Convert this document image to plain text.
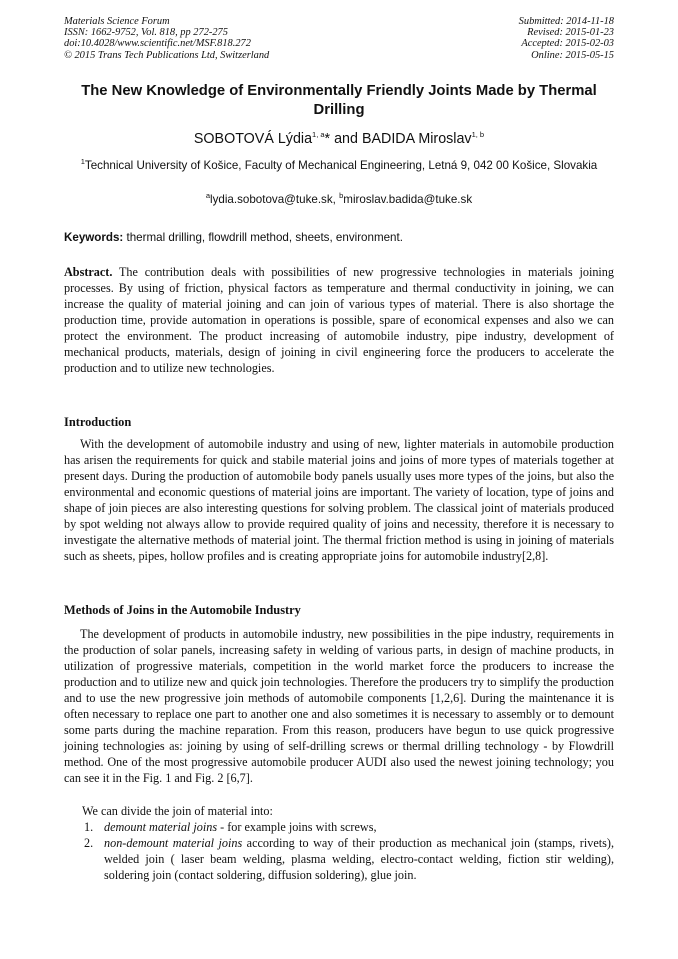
Materials Science Forum
ISSN: 1662-9752, Vol. 818, pp 272-275
doi:10.4028/www.scientific.net/MSF.818.272
© 2015 Trans Tech Publications Ltd, Switzerland
Submitted: 2014-11-18
Revised: 2015-01-23
Accepted: 2015-02-03
Online: 2015-05-15
The New Knowledge of Environmentally Friendly Joints Made by Thermal Drilling
SOBOTOVÁ Lýdia$^{1, a}$* and BADIDA Miroslav$^{1, b}$
$^1$Technical University of Košice, Faculty of Mechanical Engineering, Letná 9, 042 00 Košice, Slovakia
$^a$lydia.sobotova@tuke.sk, $^b$miroslav.badida@tuke.sk
Keywords: thermal drilling, flowdrill method, sheets, environment.
Abstract. The contribution deals with possibilities of new progressive technologies in materials joining processes. By using of friction, physical factors as temperature and thermal conductivity in joining, we can increase the quality of material joining and can join of various types of material. There is also shortage the production time, provide automation in operations is possible, spare of economical expenses and also we can protect the environment. The product increasing of automobile industry, pipe industry, development of mechanical products, materials, design of joining in civil engineering force the producers to accelerate the production and to utilize new technologies.
Introduction
With the development of automobile industry and using of new, lighter materials in automobile production has arisen the requirements for quick and stabile material joins and joins of more types of materials together at present days. During the production of automobile body panels usually uses more types of the joins, but also the environmental and economic questions of material joins are important. The variety of location, type of joins and shape of join pieces are also interesting questions for solving problem. The classical joint of materials produced by spot welding not always allow to provide required quality of joins and necessity, therefore it is necessary to investigate the alternative methods of material joint. The thermal friction method is using in joining of materials such as sheets, pipes, hollow profiles and is creating appropriate joins for automobile industry[2,8].
Methods of Joins in the Automobile Industry
The development of products in automobile industry, new possibilities in the pipe industry, requirements in the production of solar panels, increasing safety in welding of various parts, in design of machine products, in utilization of progressive materials, competition in the world market force the producers to increase the production and to utilize new and quick join technologies. Therefore the producers try to simplify the production and to use the new progressive join methods of automobile components [1,2,6]. During the maintenance it is often necessary to replace one part to another one and also sometimes it is necessary to assembly or to demount some parts during the machine reparation. From this reason, producers have begun to use quick progressive joining technologies as: joining by using of self-drilling screws or thermal drilling technology - by Flowdrill method. One of the most progressive automobile producer AUDI also used the newest joining technology; you can see it in the Fig. 1 and Fig. 2 [6,7].
We can divide the join of material into:
1. demount material joins - for example joins with screws,
2. non-demount material joins according to way of their production as mechanical join (stamps, rivets), welded join ( laser beam welding, plasma welding, electro-contact welding, fiction stir welding), soldering join (contact soldering, diffusion soldering), glue join.
